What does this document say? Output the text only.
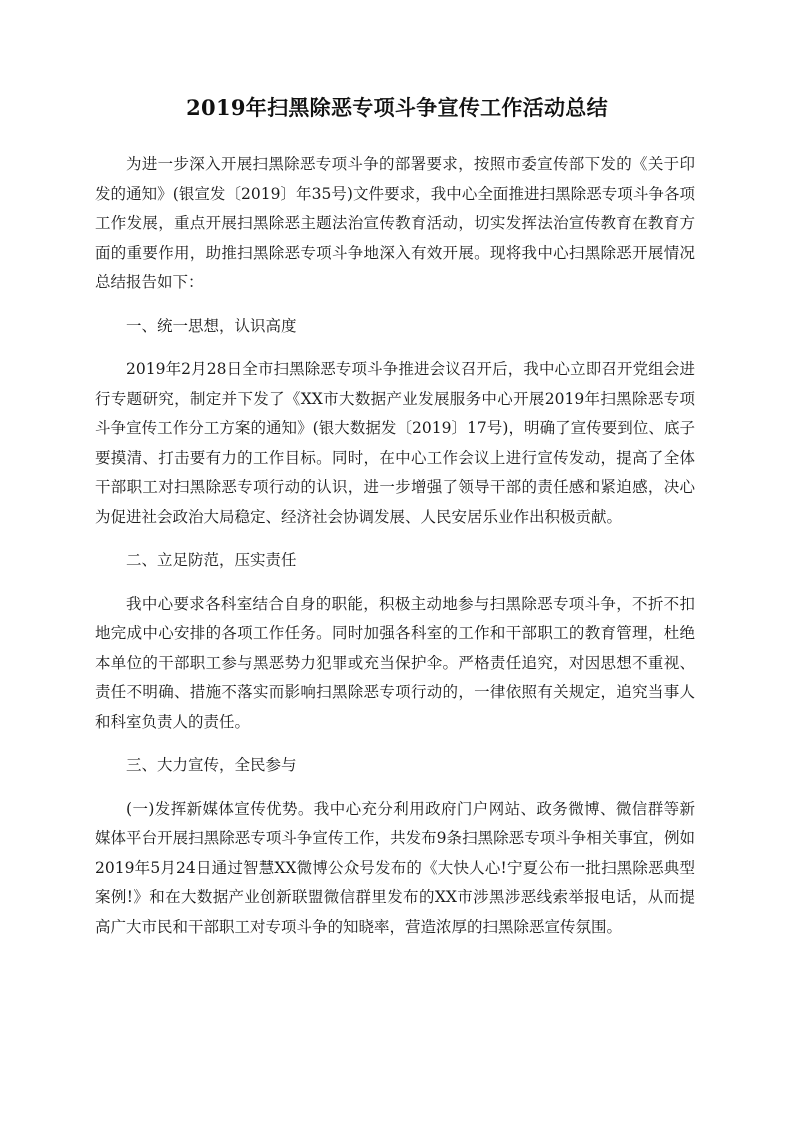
2019年扫黑除恶专项斗争宣传工作活动总结

为进一步深入开展扫黑除恶专项斗争的部署要求，按照市委宣传部下发的《关于印发的通知》(银宣发〔2019〕年35号)文件要求，我中心全面推进扫黑除恶专项斗争各项工作发展，重点开展扫黑除恶主题法治宣传教育活动，切实发挥法治宣传教育在教育方面的重要作用，助推扫黑除恶专项斗争地深入有效开展。现将我中心扫黑除恶开展情况总结报告如下：

一、统一思想，认识高度

2019年2月28日全市扫黑除恶专项斗争推进会议召开后，我中心立即召开党组会进行专题研究，制定并下发了《XX市大数据产业发展服务中心开展2019年扫黑除恶专项斗争宣传工作分工方案的通知》(银大数据发〔2019〕17号)，明确了宣传要到位、底子要摸清、打击要有力的工作目标。同时，在中心工作会议上进行宣传发动，提高了全体干部职工对扫黑除恶专项行动的认识，进一步增强了领导干部的责任感和紧迫感，决心为促进社会政治大局稳定、经济社会协调发展、人民安居乐业作出积极贡献。

二、立足防范，压实责任

我中心要求各科室结合自身的职能，积极主动地参与扫黑除恶专项斗争，不折不扣地完成中心安排的各项工作任务。同时加强各科室的工作和干部职工的教育管理，杜绝本单位的干部职工参与黑恶势力犯罪或充当保护伞。严格责任追究，对因思想不重视、责任不明确、措施不落实而影响扫黑除恶专项行动的，一律依照有关规定，追究当事人和科室负责人的责任。

三、大力宣传，全民参与

(一)发挥新媒体宣传优势。我中心充分利用政府门户网站、政务微博、微信群等新媒体平台开展扫黑除恶专项斗争宣传工作，共发布9条扫黑除恶专项斗争相关事宜，例如2019年5月24日通过智慧XX微博公众号发布的《大快人心!宁夏公布一批扫黑除恶典型案例!》和在大数据产业创新联盟微信群里发布的XX市涉黑涉恶线索举报电话，从而提高广大市民和干部职工对专项斗争的知晓率，营造浓厚的扫黑除恶宣传氛围。
